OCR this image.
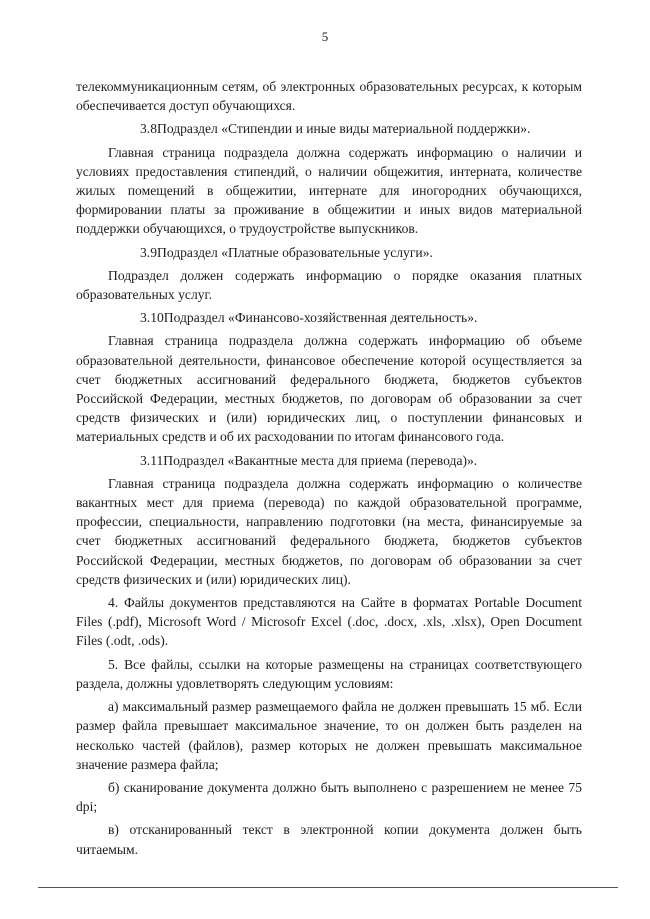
5

телекоммуникационным сетям, об электронных образовательных ресурсах, к которым обеспечивается доступ обучающихся.

3.8Подраздел «Стипендии и иные виды материальной поддержки».

Главная страница подраздела должна содержать информацию о наличии и условиях предоставления стипендий, о наличии общежития, интерната, количестве жилых помещений в общежитии, интернате для иногородних обучающихся, формировании платы за проживание в общежитии и иных видов материальной поддержки обучающихся, о трудоустройстве выпускников.

3.9Подраздел «Платные образовательные услуги».

Подраздел должен содержать информацию о порядке оказания платных образовательных услуг.

3.10Подраздел «Финансово-хозяйственная деятельность».

Главная страница подраздела должна содержать информацию об объеме образовательной деятельности, финансовое обеспечение которой осуществляется за счет бюджетных ассигнований федерального бюджета, бюджетов субъектов Российской Федерации, местных бюджетов, по договорам об образовании за счет средств физических и (или) юридических лиц, о поступлении финансовых и материальных средств и об их расходовании по итогам финансового года.

3.11Подраздел «Вакантные места для приема (перевода)».

Главная страница подраздела должна содержать информацию о количестве вакантных мест для приема (перевода) по каждой образовательной программе, профессии, специальности, направлению подготовки (на места, финансируемые за счет бюджетных ассигнований федерального бюджета, бюджетов субъектов Российской Федерации, местных бюджетов, по договорам об образовании за счет средств физических и (или) юридических лиц).

4. Файлы документов представляются на Сайте в форматах Portable Document Files (.pdf), Microsoft Word / Microsofr Excel (.doc, .docx, .xls, .xlsx), Open Document Files (.odt, .ods).

5. Все файлы, ссылки на которые размещены на страницах соответствующего раздела, должны удовлетворять следующим условиям:

а) максимальный размер размещаемого файла не должен превышать 15 мб. Если размер файла превышает максимальное значение, то он должен быть разделен на несколько частей (файлов), размер которых не должен превышать максимальное значение размера файла;

б) сканирование документа должно быть выполнено с разрешением не менее 75 dpi;

в) отсканированный текст в электронной копии документа должен быть читаемым.
